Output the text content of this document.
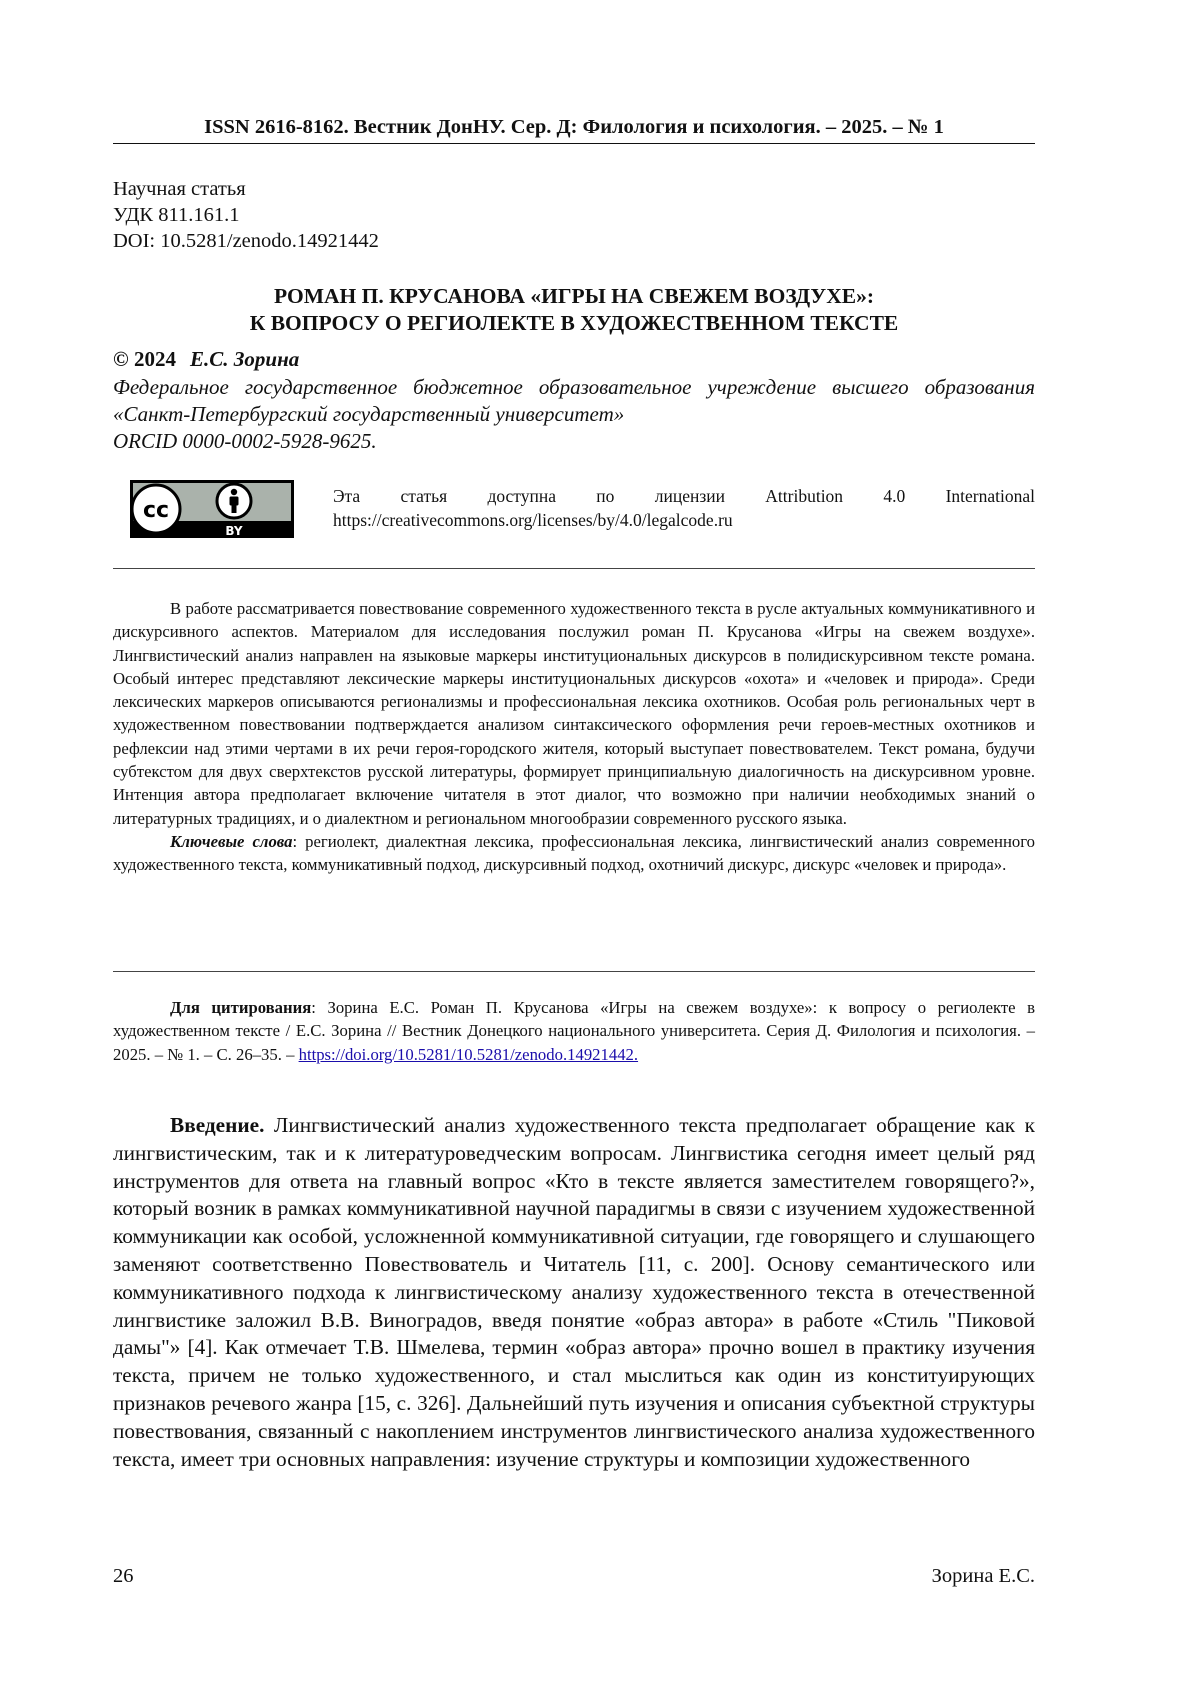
ISSN 2616-8162. Вестник ДонНУ. Сер. Д: Филология и психология. – 2025. – № 1
Научная статья
УДК 811.161.1
DOI: 10.5281/zenodo.14921442
РОМАН П. КРУСАНОВА «ИГРЫ НА СВЕЖЕМ ВОЗДУХЕ»:
К ВОПРОСУ О РЕГИОЛЕКТЕ В ХУДОЖЕСТВЕННОМ ТЕКСТЕ
© 2024 Е.С. Зорина
Федеральное государственное бюджетное образовательное учреждение высшего образования «Санкт-Петербургский государственный университет»
ORCID 0000-0002-5928-9625.
cc
BY
Эта статья доступна по лицензии Attribution 4.0 International
https://creativecommons.org/licenses/by/4.0/legalcode.ru

В работе рассматривается повествование современного художественного текста в русле актуальных коммуникативного и дискурсивного аспектов. Материалом для исследования послужил роман П. Крусанова «Игры на свежем воздухе». Лингвистический анализ направлен на языковые маркеры институциональных дискурсов в полидискурсивном тексте романа. Особый интерес представляют лексические маркеры институциональных дискурсов «охота» и «человек и природа». Среди лексических маркеров описываются регионализмы и профессиональная лексика охотников. Особая роль региональных черт в художественном повествовании подтверждается анализом синтаксического оформления речи героев-местных охотников и рефлексии над этими чертами в их речи героя-городского жителя, который выступает повествователем. Текст романа, будучи субтекстом для двух сверхтекстов русской литературы, формирует принципиальную диалогичность на дискурсивном уровне. Интенция автора предполагает включение читателя в этот диалог, что возможно при наличии необходимых знаний о литературных традициях, и о диалектном и региональном многообразии современного русского языка.

Ключевые слова: региолект, диалектная лексика, профессиональная лексика, лингвистический анализ современного художественного текста, коммуникативный подход, дискурсивный подход, охотничий дискурс, дискурс «человек и природа».

Для цитирования: Зорина Е.С. Роман П. Крусанова «Игры на свежем воздухе»: к вопросу о региолекте в художественном тексте / Е.С. Зорина // Вестник Донецкого национального университета. Серия Д. Филология и психология. – 2025. – № 1. – С. 26–35. – https://doi.org/10.5281/10.5281/zenodo.14921442.
Введение. Лингвистический анализ художественного текста предполагает обращение как к лингвистическим, так и к литературоведческим вопросам. Лингвистика сегодня имеет целый ряд инструментов для ответа на главный вопрос «Кто в тексте является заместителем говорящего?», который возник в рамках коммуникативной научной парадигмы в связи с изучением художественной коммуникации как особой, усложненной коммуникативной ситуации, где говорящего и слушающего заменяют соответственно Повествователь и Читатель [11, с. 200]. Основу семантического или коммуникативного подхода к лингвистическому анализу художественного текста в отечественной лингвистике заложил В.В. Виноградов, введя понятие «образ автора» в работе «Стиль "Пиковой дамы"» [4]. Как отмечает Т.В. Шмелева, термин «образ автора» прочно вошел в практику изучения текста, причем не только художественного, и стал мыслиться как один из конституирующих признаков речевого жанра [15, с. 326]. Дальнейший путь изучения и описания субъектной структуры повествования, связанный с накоплением инструментов лингвистического анализа художественного текста, имеет три основных направления: изучение структуры и композиции художественного
26	Зорина Е.С.
